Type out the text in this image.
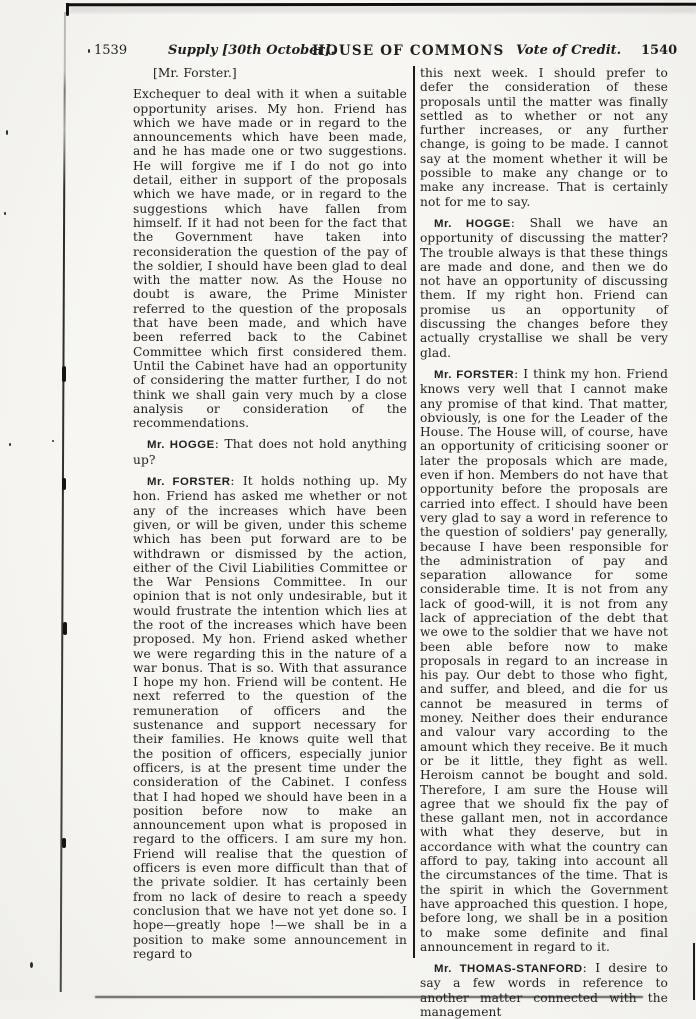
1539	Supply [30th October].
HOUSE OF COMMONS Vote of Credit. 1540

[Mr. Forster.]

Exchequer to deal with it when a suitable opportunity arises. My hon. Friend has which we have made or in regard to the announcements which have been made, and he has made one or two suggestions. He will forgive me if I do not go into detail, either in support of the proposals which we have made, or in regard to the suggestions which have fallen from himself. If it had not been for the fact that the Government have taken into reconsideration the question of the pay of the soldier, I should have been glad to deal with the matter now. As the House no doubt is aware, the Prime Minister referred to the question of the proposals that have been made, and which have been referred back to the Cabinet Committee which first considered them. Until the Cabinet have had an opportunity of considering the matter further, I do not think we shall gain very much by a close analysis or consideration of the recommendations.

Mr. HOGGE: That does not hold anything up?

Mr. FORSTER: It holds nothing up. My hon. Friend has asked me whether or not any of the increases which have been given, or will be given, under this scheme which has been put forward are to be withdrawn or dismissed by the action, either of the Civil Liabilities Committee or the War Pensions Committee. In our opinion that is not only undesirable, but it would frustrate the intention which lies at the root of the increases which have been proposed. My hon. Friend asked whether we were regarding this in the nature of a war bonus. That is so. With that assurance I hope my hon. Friend will be content. He next referred to the question of the remuneration of officers and the sustenance and support necessary for their families. He knows quite well that the position of officers, especially junior officers, is at the present time under the consideration of the Cabinet. I confess that I had hoped we should have been in a position before now to make an announcement upon what is proposed in regard to the officers. I am sure my hon. Friend will realise that the question of officers is even more difficult than that of the private soldier. It has certainly been from no lack of desire to reach a speedy conclusion that we have not yet done so. I hope—greatly hope !—we shall be in a position to make some announcement in regard to

this next week. I should prefer to defer the consideration of these proposals until the matter was finally settled as to whether or not any further increases, or any further change, is going to be made. I cannot say at the moment whether it will be possible to make any change or to make any increase. That is certainly not for me to say.

Mr. HOGGE: Shall we have an opportunity of discussing the matter? The trouble always is that these things are made and done, and then we do not have an opportunity of discussing them. If my right hon. Friend can promise us an opportunity of discussing the changes before they actually crystallise we shall be very glad.

Mr. FORSTER: I think my hon. Friend knows very well that I cannot make any promise of that kind. That matter, obviously, is one for the Leader of the House. The House will, of course, have an opportunity of criticising sooner or later the proposals which are made, even if hon. Members do not have that opportunity before the proposals are carried into effect. I should have been very glad to say a word in reference to the question of soldiers' pay generally, because I have been responsible for the administration of pay and separation allowance for some considerable time. It is not from any lack of good-will, it is not from any lack of appreciation of the debt that we owe to the soldier that we have not been able before now to make proposals in regard to an increase in his pay. Our debt to those who fight, and suffer, and bleed, and die for us cannot be measured in terms of money. Neither does their endurance and valour vary according to the amount which they receive. Be it much or be it little, they fight as well. Heroism cannot be bought and sold. Therefore, I am sure the House will agree that we should fix the pay of these gallant men, not in accordance with what they deserve, but in accordance with what the country can afford to pay, taking into account all the circumstances of the time. That is the spirit in which the Government have approached this question. I hope, before long, we shall be in a position to make some definite and final announcement in regard to it.

Mr. THOMAS-STANFORD: I desire to say a few words in reference to another matter connected with the management
